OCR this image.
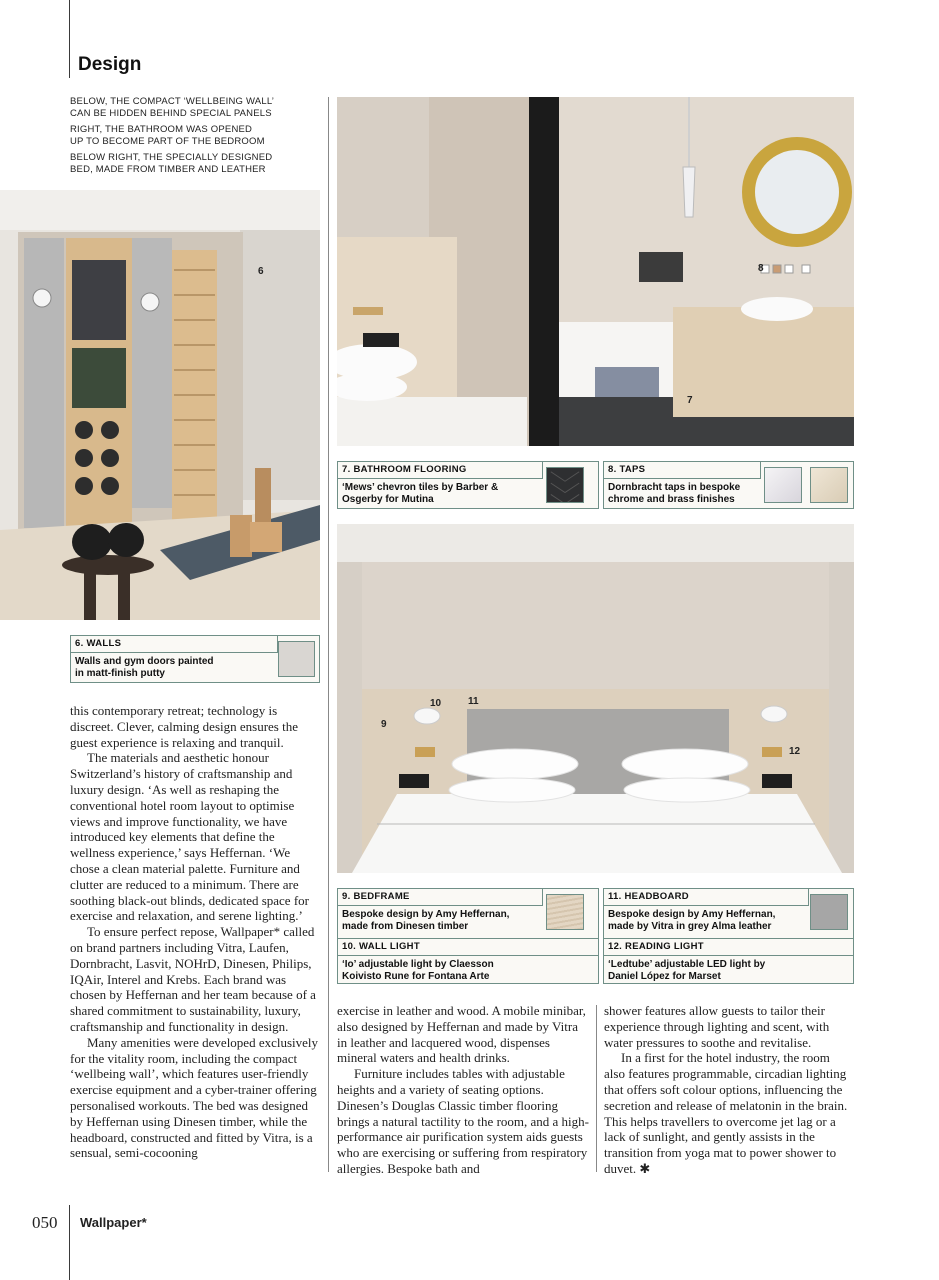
Design

BELOW, THE COMPACT ‘WELLBEING WALL’
CAN BE HIDDEN BEHIND SPECIAL PANELS

RIGHT, THE BATHROOM WAS OPENED
UP TO BECOME PART OF THE BEDROOM

BELOW RIGHT, THE SPECIALLY DESIGNED
BED, MADE FROM TIMBER AND LEATHER

6	8
7
10	11
9
12
6. WALLS
Walls and gym doors painted in matt-finish putty
7. BATHROOM FLOORING
‘Mews’ chevron tiles by Barber & Osgerby for Mutina
8. TAPS
Dornbracht taps in bespoke chrome and brass finishes
9. BEDFRAME
Bespoke design by Amy Heffernan, made from Dinesen timber
10. WALL LIGHT
‘Io’ adjustable light by Claesson Koivisto Rune for Fontana Arte
11. HEADBOARD
Bespoke design by Amy Heffernan, made by Vitra in grey Alma leather
12. READING LIGHT
‘Ledtube’ adjustable LED light by Daniel López for Marset

this contemporary retreat; technology is discreet. Clever, calming design ensures the guest experience is relaxing and tranquil.

The materials and aesthetic honour Switzerland’s history of craftsmanship and luxury design. ‘As well as reshaping the conventional hotel room layout to optimise views and improve functionality, we have introduced key elements that define the wellness experience,’ says Heffernan. ‘We chose a clean material palette. Furniture and clutter are reduced to a minimum. There are soothing black-out blinds, dedicated space for exercise and relaxation, and serene lighting.’

To ensure perfect repose, Wallpaper* called on brand partners including Vitra, Laufen, Dornbracht, Lasvit, NOHrD, Dinesen, Philips, IQAir, Interel and Krebs. Each brand was chosen by Heffernan and her team because of a shared commitment to sustainability, luxury, craftsmanship and functionality in design.

Many amenities were developed exclusively for the vitality room, including the compact ‘wellbeing wall’, which features user-friendly exercise equipment and a cyber-trainer offering personalised workouts. The bed was designed by Heffernan using Dinesen timber, while the headboard, constructed and fitted by Vitra, is a sensual, semi-cocooning

exercise in leather and wood. A mobile minibar, also designed by Heffernan and made by Vitra in leather and lacquered wood, dispenses mineral waters and health drinks.

Furniture includes tables with adjustable heights and a variety of seating options. Dinesen’s Douglas Classic timber flooring brings a natural tactility to the room, and a high-performance air purification system aids guests who are exercising or suffering from respiratory allergies. Bespoke bath and

shower features allow guests to tailor their experience through lighting and scent, with water pressures to soothe and revitalise.

In a first for the hotel industry, the room also features programmable, circadian lighting that offers soft colour options, influencing the secretion and release of melatonin in the brain. This helps travellers to overcome jet lag or a lack of sunlight, and gently assists in the transition from yoga mat to power shower to duvet. ✱

050 Wallpaper*
